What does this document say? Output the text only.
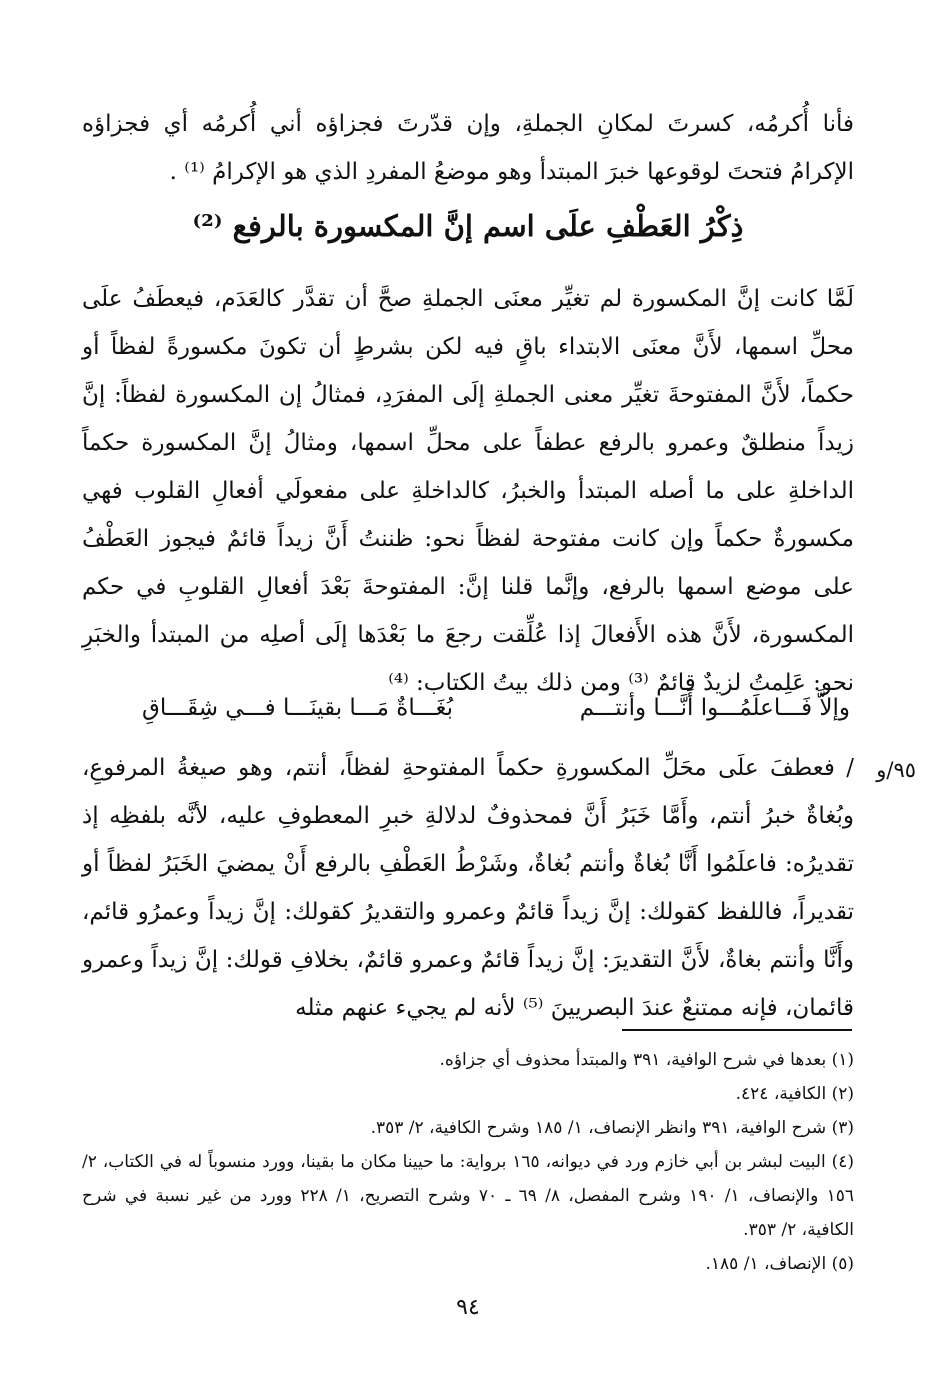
فأنا أُكرمُه، كسرتَ لمكانِ الجملةِ، وإن قدّرتَ فجزاؤه أني أُكرمُه أي فجزاؤه الإكرامُ فتحتَ لوقوعها خبرَ المبتدأ وهو موضعُ المفردِ الذي هو الإكرامُ ⁽¹⁾ .

ذِكْرُ العَطْفِ علَى اسم إنَّ المكسورة بالرفع ⁽²⁾

لَمَّا كانت إنَّ المكسورة لم تغيِّر معنَى الجملةِ صحَّ أن تقدَّر كالعَدَم، فيعطَفُ علَى محلِّ اسمها، لأَنَّ معنَى الابتداء باقٍ فيه لكن بشرطٍ أن تكونَ مكسورةً لفظاً أو حكماً، لأَنَّ المفتوحةَ تغيِّر معنى الجملةِ إلَى المفرَدِ، فمثالُ إن المكسورة لفظاً: إنَّ زيداً منطلقٌ وعمرو بالرفع عطفاً على محلِّ اسمها، ومثالُ إنَّ المكسورة حكماً الداخلةِ على ما أصله المبتدأ والخبرُ، كالداخلةِ على مفعولَي أفعالِ القلوب فهي مكسورةٌ حكماً وإن كانت مفتوحة لفظاً نحو: ظننتُ أَنَّ زيداً قائمٌ فيجوز العَطْفُ على موضع اسمها بالرفع، وإنَّما قلنا إنَّ: المفتوحةَ بَعْدَ أفعالِ القلوبِ في حكم المكسورة، لأَنَّ هذه الأَفعالَ إذا عُلِّقت رجعَ ما بَعْدَها إلَى أصلِه من المبتدأ والخبَرِ نحو: عَلِمتُ لزيدٌ قائمٌ ⁽³⁾ ومن ذلك بيتُ الكتاب: ⁽⁴⁾

وإلاَّ فَـــاعلَمُـــوا أَنَّـــا وأنتـــم
بُغَـــاةٌ مَـــا بقينَـــا فـــي شِقَـــاقِ
٩٥/و

/ فعطفَ علَى محَلِّ المكسورةِ حكماً المفتوحةِ لفظاً، أنتم، وهو صيغةُ المرفوعِ، وبُغاةٌ خبرُ أنتم، وأَمَّا خَبَرُ أَنَّ فمحذوفٌ لدلالةِ خبرِ المعطوفِ عليه، لأنَّه بلفظِه إذ تقديرُه: فاعلَمُوا أَنَّا بُغاةٌ وأنتم بُغاةٌ، وشَرْطُ العَطْفِ بالرفع أَنْ يمضيَ الخَبَرُ لفظاً أو تقديراً، فاللفظ كقولك: إنَّ زيداً قائمٌ وعمرو والتقديرُ كقولك: إنَّ زيداً وعمرُو قائم، وأَنَّا وأنتم بغاةٌ، لأَنَّ التقديرَ: إنَّ زيداً قائمٌ وعمرو قائمٌ، بخلافِ قولك: إنَّ زيداً وعمرو قائمان، فإنه ممتنعٌ عندَ البصريينَ ⁽⁵⁾ لأنه لم يجيء عنهم مثله

(١) بعدها في شرح الوافية، ٣٩١ والمبتدأ محذوف أي جزاؤه.

(٢) الكافية، ٤٢٤.

(٣) شرح الوافية، ٣٩١ وانظر الإنصاف، ١/ ١٨٥ وشرح الكافية، ٢/ ٣٥٣.

(٤) البيت لبشر بن أبي خازم ورد في ديوانه، ١٦٥ برواية: ما حيينا مكان ما بقينا، وورد منسوباً له في الكتاب، ٢/ ١٥٦ والإنصاف، ١/ ١٩٠ وشرح المفصل، ٨/ ٦٩ ـ ٧٠ وشرح التصريح، ١/ ٢٢٨ وورد من غير نسبة في شرح الكافية، ٢/ ٣٥٣.

(٥) الإنصاف، ١/ ١٨٥.

٩٤
